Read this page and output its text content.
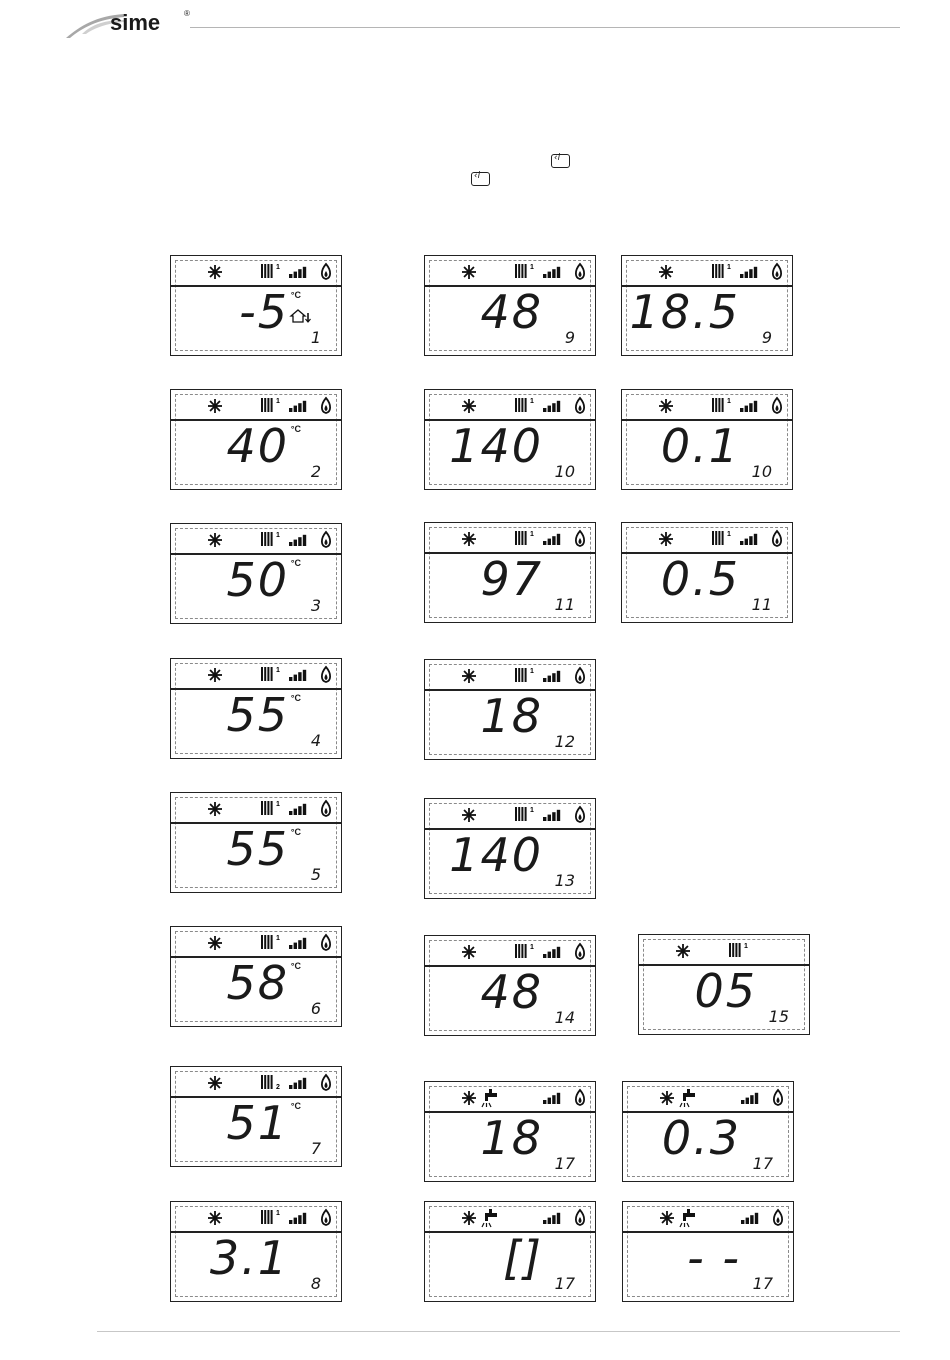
sime	®
‹i
‹i
1
-5 °C
1
1
40 °C
2
1
50 °C
3
1
55 °C
4
1
55 °C
5
1
58 °C
6
2
51 °C
7
1
3.1 8
1
48 9
1
18.5 9
1
140 10
1
0.1 10
1
97 11
1
0.5 11
1
18 12
1
140 13
1
48 14
1
05 15
18 17 0.3 17
[] 17 - - 17
